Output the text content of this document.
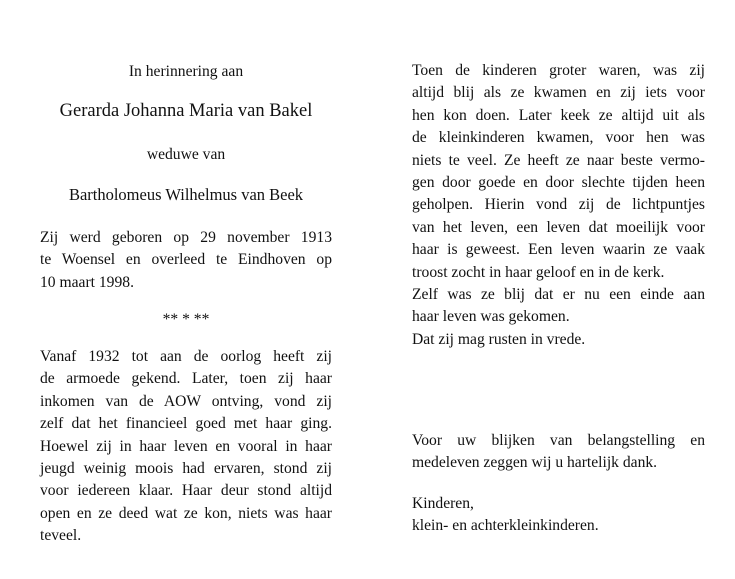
In herinnering aan
Gerarda Johanna Maria van Bakel
weduwe van
Bartholomeus Wilhelmus van Beek
Zij werd geboren op 29 november 1913
te Woensel en overleed te Eindhoven op
10 maart 1998.
** * **
Vanaf 1932 tot aan de oorlog heeft zij
de armoede gekend. Later, toen zij haar
inkomen van de AOW ontving, vond zij
zelf dat het financieel goed met haar ging.
Hoewel zij in haar leven en vooral in haar
jeugd weinig moois had ervaren, stond zij
voor iedereen klaar. Haar deur stond altijd
open en ze deed wat ze kon, niets was haar
teveel.
Toen de kinderen groter waren, was zij
altijd blij als ze kwamen en zij iets voor
hen kon doen. Later keek ze altijd uit als
de kleinkinderen kwamen, voor hen was
niets te veel. Ze heeft ze naar beste vermo-
gen door goede en door slechte tijden heen
geholpen. Hierin vond zij de lichtpuntjes
van het leven, een leven dat moeilijk voor
haar is geweest. Een leven waarin ze vaak
troost zocht in haar geloof en in de kerk.
Zelf was ze blij dat er nu een einde aan
haar leven was gekomen.
Dat zij mag rusten in vrede.
Voor uw blijken van belangstelling en
medeleven zeggen wij u hartelijk dank.
Kinderen,
klein- en achterkleinkinderen.
